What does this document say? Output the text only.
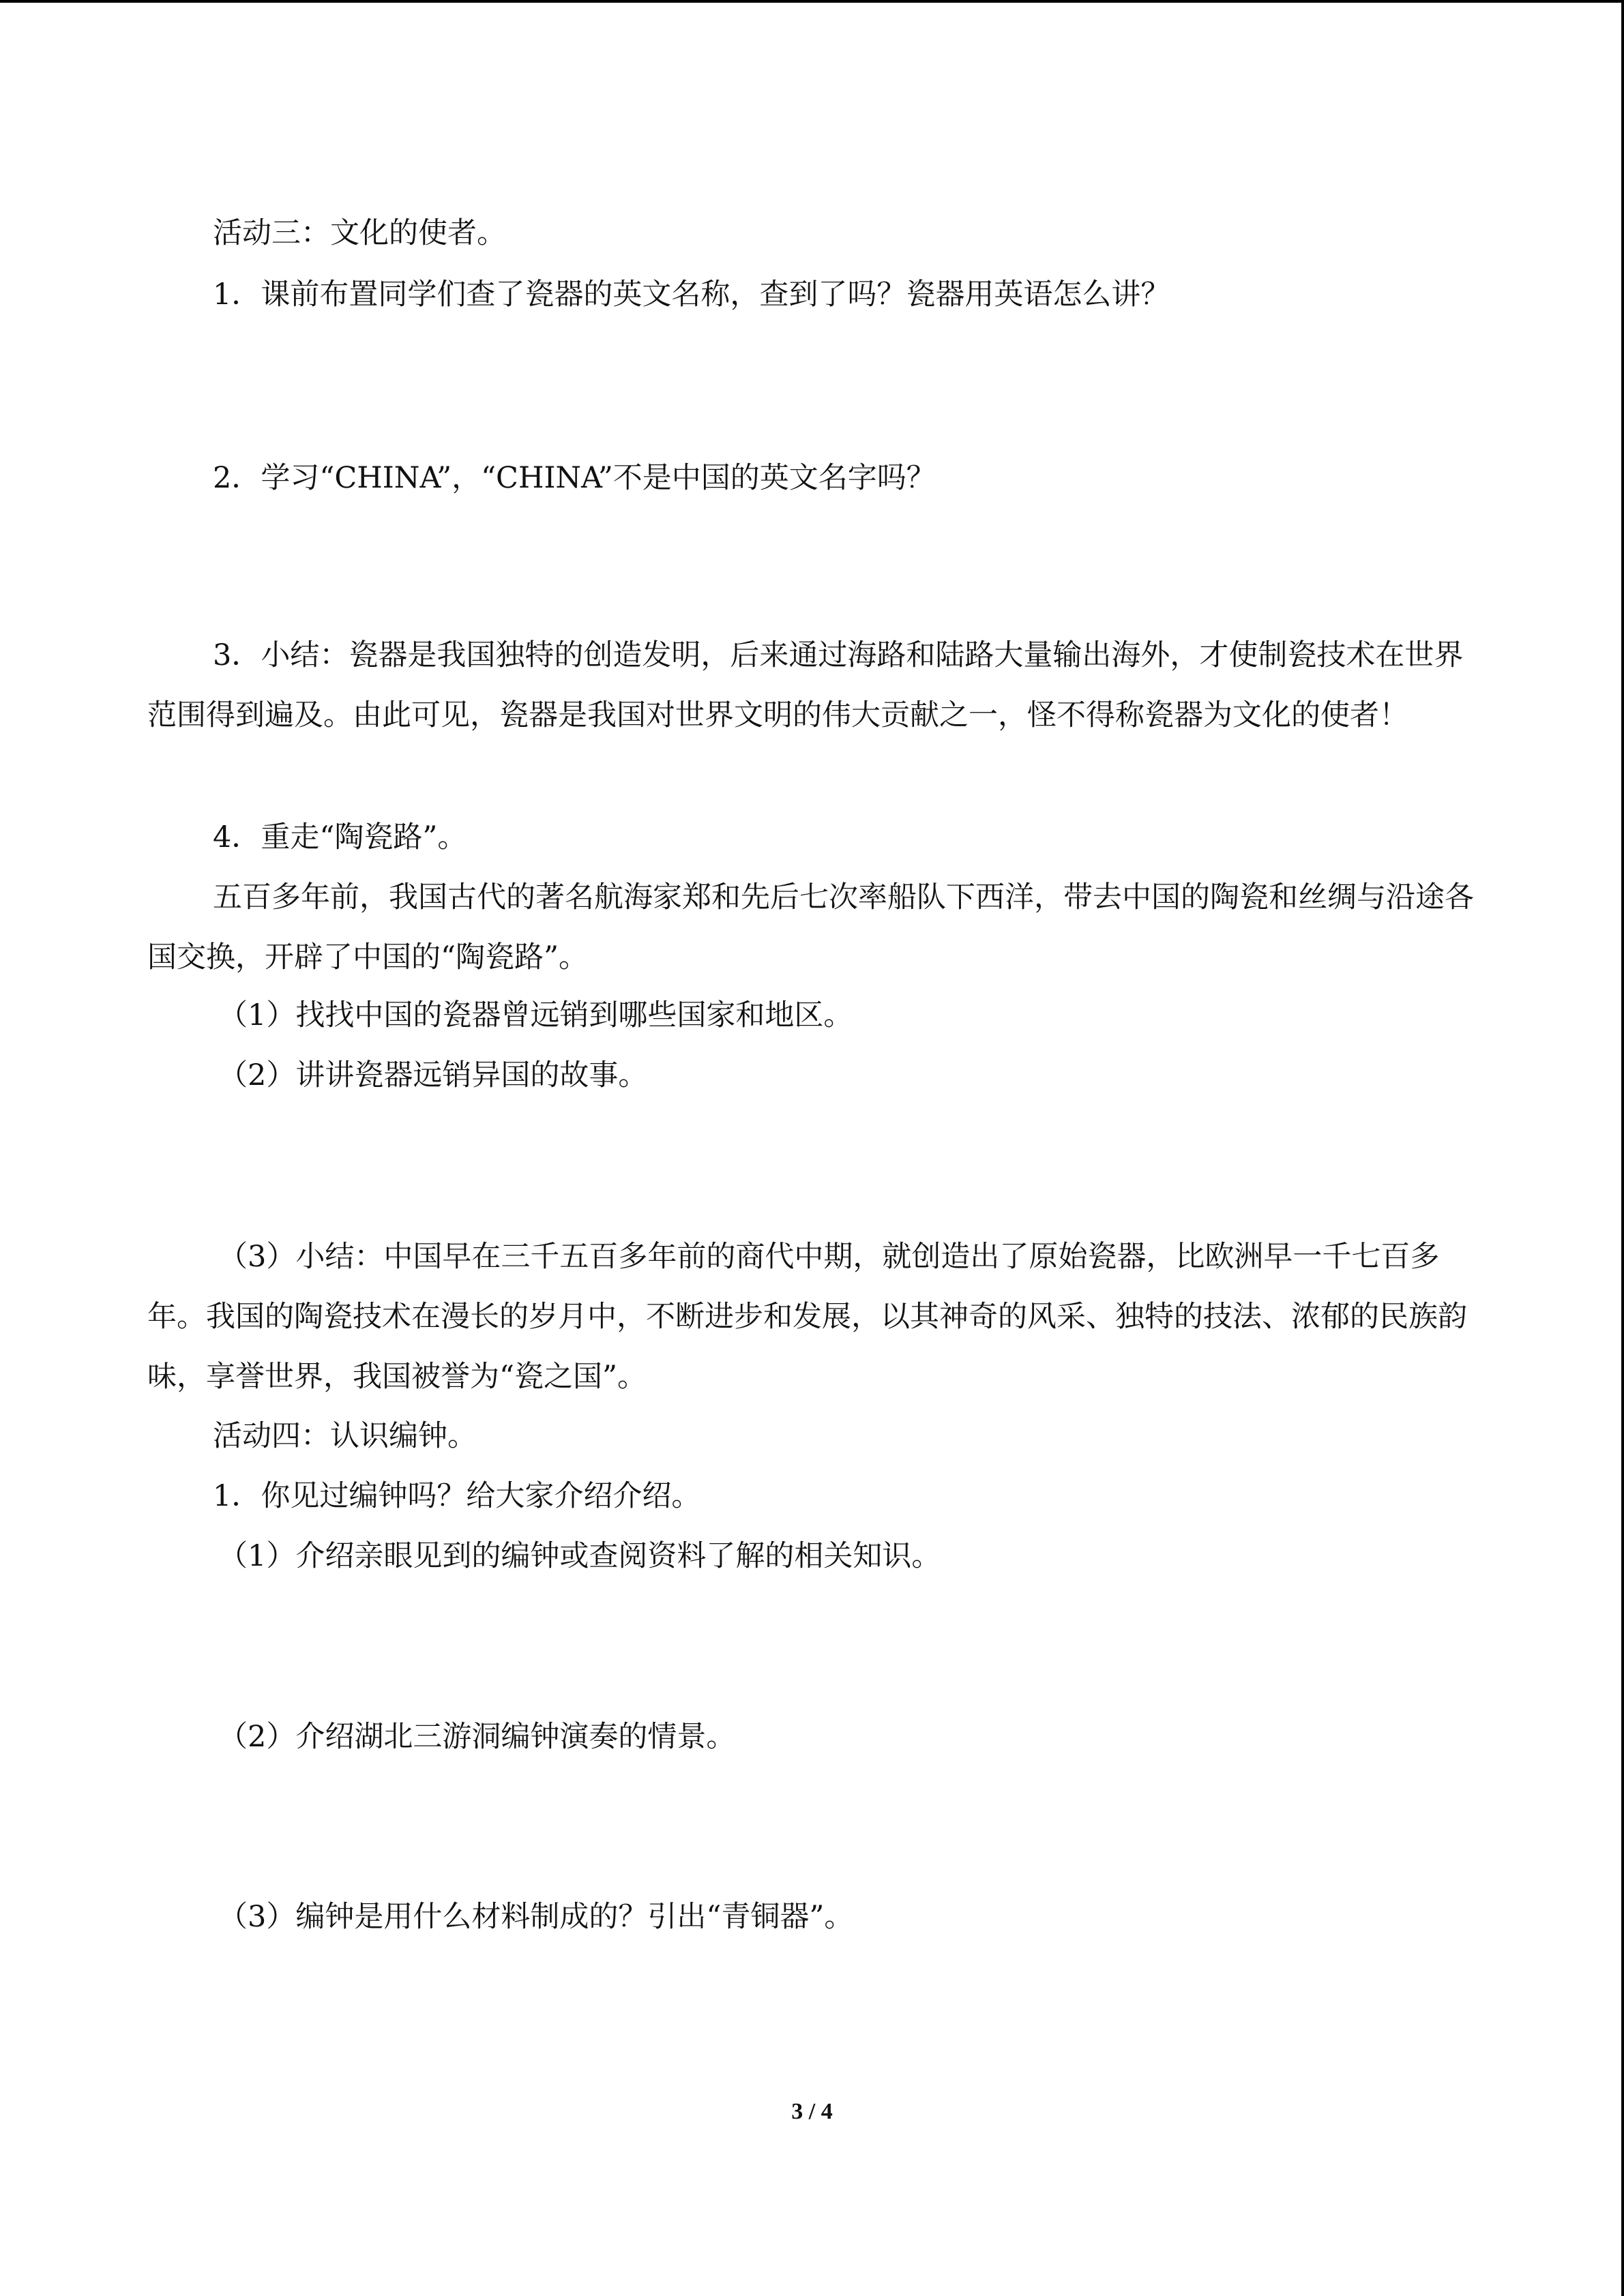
活动三：文化的使者。

1．课前布置同学们查了瓷器的英文名称，查到了吗？瓷器用英语怎么讲？

2．学习“CHINA”，“CHINA”不是中国的英文名字吗？

3．小结：瓷器是我国独特的创造发明，后来通过海路和陆路大量输出海外，才使制瓷技术在世界范围得到遍及。由此可见，瓷器是我国对世界文明的伟大贡献之一，怪不得称瓷器为文化的使者！

4．重走“陶瓷路”。

五百多年前，我国古代的著名航海家郑和先后七次率船队下西洋，带去中国的陶瓷和丝绸与沿途各国交换，开辟了中国的“陶瓷路”。

（1）找找中国的瓷器曾远销到哪些国家和地区。

（2）讲讲瓷器远销异国的故事。

（3）小结：中国早在三千五百多年前的商代中期，就创造出了原始瓷器，比欧洲早一千七百多年。我国的陶瓷技术在漫长的岁月中，不断进步和发展，以其神奇的风采、独特的技法、浓郁的民族韵味，享誉世界，我国被誉为“瓷之国”。

活动四：认识编钟。

1．你见过编钟吗？给大家介绍介绍。

（1）介绍亲眼见到的编钟或查阅资料了解的相关知识。

（2）介绍湖北三游洞编钟演奏的情景。

（3）编钟是用什么材料制成的？引出“青铜器”。

3 / 4
